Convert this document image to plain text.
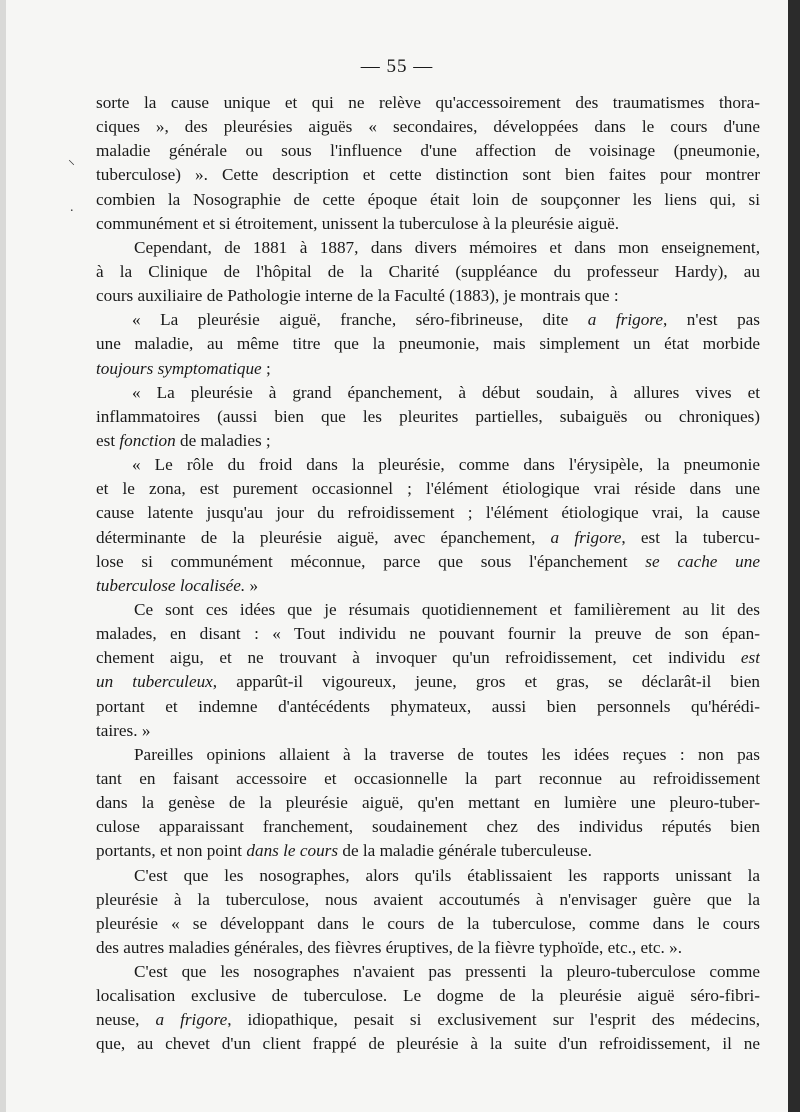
— 55 —
⸜
.
sorte la cause unique et qui ne relève qu'accessoirement des traumatismes thora-
ciques », des pleurésies aiguës « secondaires, développées dans le cours d'une
maladie générale ou sous l'influence d'une affection de voisinage (pneumonie,
tuberculose) ». Cette description et cette distinction sont bien faites pour montrer
combien la Nosographie de cette époque était loin de soupçonner les liens qui, si
communément et si étroitement, unissent la tuberculose à la pleurésie aiguë.
Cependant, de 1881 à 1887, dans divers mémoires et dans mon enseignement,
à la Clinique de l'hôpital de la Charité (suppléance du professeur Hardy), au
cours auxiliaire de Pathologie interne de la Faculté (1883), je montrais que :
« La pleurésie aiguë, franche, séro-fibrineuse, dite a frigore, n'est pas
une maladie, au même titre que la pneumonie, mais simplement un état morbide
toujours symptomatique ;
« La pleurésie à grand épanchement, à début soudain, à allures vives et
inflammatoires (aussi bien que les pleurites partielles, subaiguës ou chroniques)
est fonction de maladies ;
« Le rôle du froid dans la pleurésie, comme dans l'érysipèle, la pneumonie
et le zona, est purement occasionnel ; l'élément étiologique vrai réside dans une
cause latente jusqu'au jour du refroidissement ; l'élément étiologique vrai, la cause
déterminante de la pleurésie aiguë, avec épanchement, a frigore, est la tubercu-
lose si communément méconnue, parce que sous l'épanchement se cache une
tuberculose localisée. »
Ce sont ces idées que je résumais quotidiennement et familièrement au lit des
malades, en disant : « Tout individu ne pouvant fournir la preuve de son épan-
chement aigu, et ne trouvant à invoquer qu'un refroidissement, cet individu est
un tuberculeux, apparût-il vigoureux, jeune, gros et gras, se déclarât-il bien
portant et indemne d'antécédents phymateux, aussi bien personnels qu'hérédi-
taires. »
Pareilles opinions allaient à la traverse de toutes les idées reçues : non pas
tant en faisant accessoire et occasionnelle la part reconnue au refroidissement
dans la genèse de la pleurésie aiguë, qu'en mettant en lumière une pleuro-tuber-
culose apparaissant franchement, soudainement chez des individus réputés bien
portants, et non point dans le cours de la maladie générale tuberculeuse.
C'est que les nosographes, alors qu'ils établissaient les rapports unissant la
pleurésie à la tuberculose, nous avaient accoutumés à n'envisager guère que la
pleurésie « se développant dans le cours de la tuberculose, comme dans le cours
des autres maladies générales, des fièvres éruptives, de la fièvre typhoïde, etc., etc. ».
C'est que les nosographes n'avaient pas pressenti la pleuro-tuberculose comme
localisation exclusive de tuberculose. Le dogme de la pleurésie aiguë séro-fibri-
neuse, a frigore, idiopathique, pesait si exclusivement sur l'esprit des médecins,
que, au chevet d'un client frappé de pleurésie à la suite d'un refroidissement, il ne
